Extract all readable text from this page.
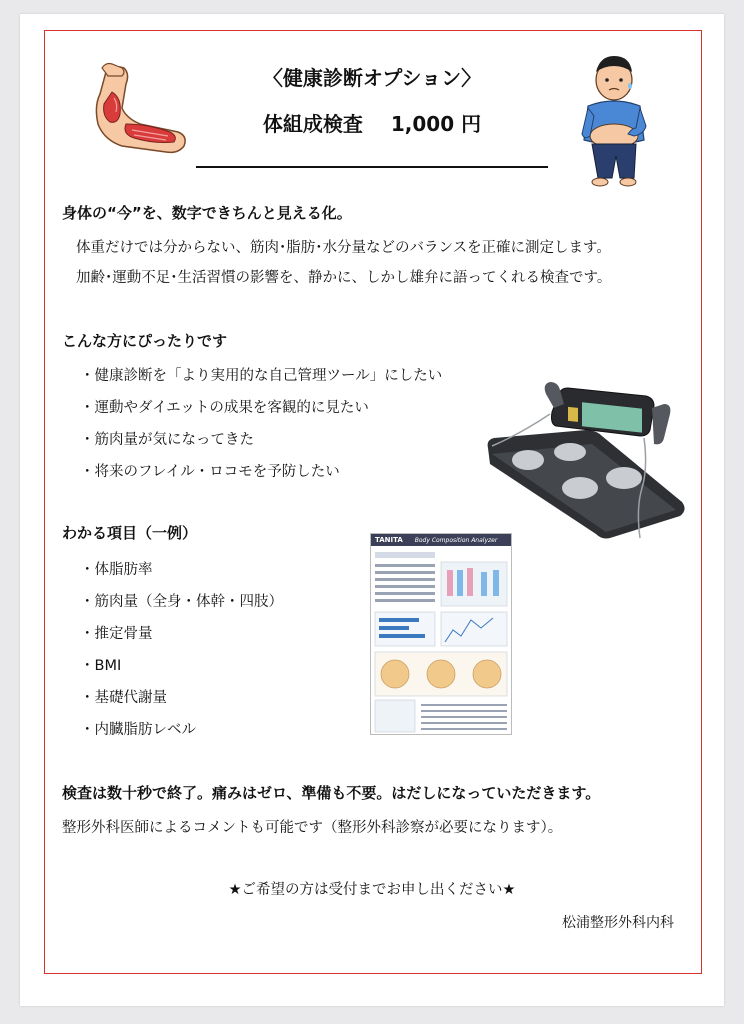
〈健康診断オプション〉
体組成検査 1,000 円
身体の“今”を、数字できちんと見える化。
体重だけでは分からない、筋肉･脂肪･水分量などのバランスを正確に測定します。
加齢･運動不足･生活習慣の影響を、静かに、しかし雄弁に語ってくれる検査です。
こんな方にぴったりです
・健康診断を「より実用的な自己管理ツール」にしたい
・運動やダイエットの成果を客観的に見たい
・筋肉量が気になってきた
・将来のフレイル・ロコモを予防したい
わかる項目（一例）
・体脂肪率
・筋肉量（全身・体幹・四肢）
・推定骨量
・BMI
・基礎代謝量
・内臓脂肪レベル
TANITA Body Composition Analyzer
検査は数十秒で終了。痛みはゼロ、準備も不要。はだしになっていただきます。
整形外科医師によるコメントも可能です（整形外科診察が必要になります）。
★ご希望の方は受付までお申し出ください★
松浦整形外科内科
